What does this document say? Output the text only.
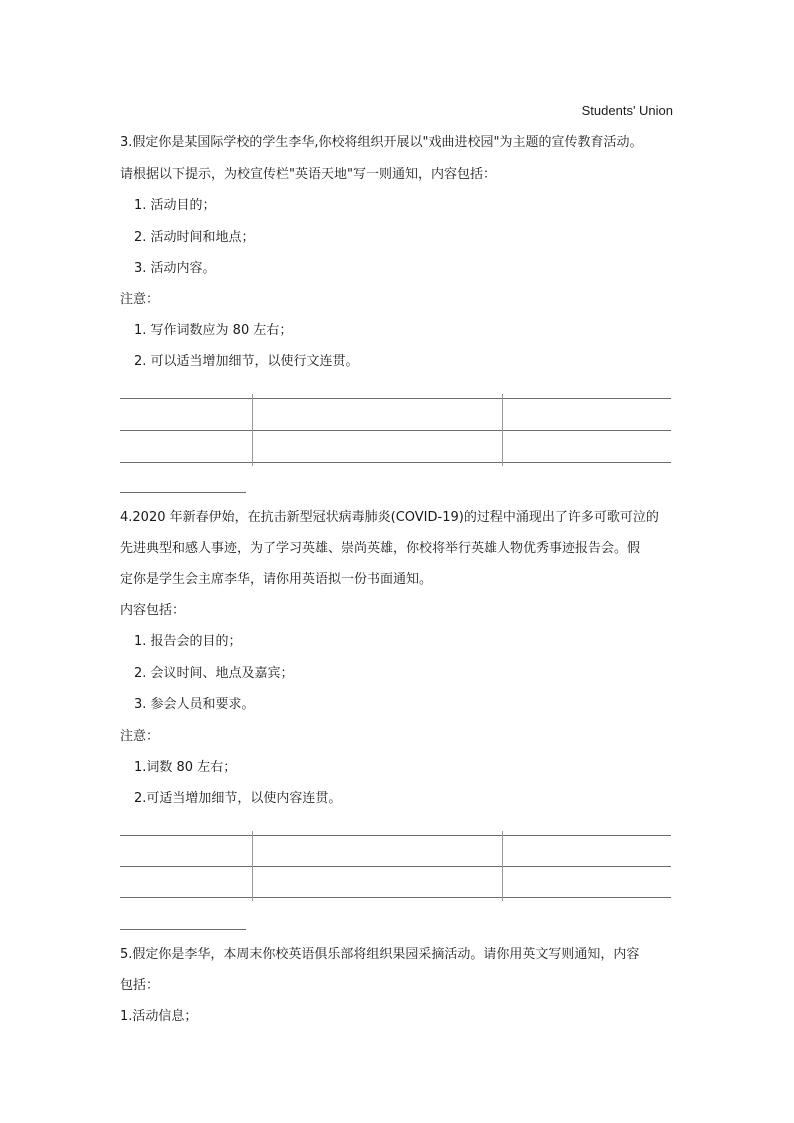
Students' Union
3.假定你是某国际学校的学生李华,你校将组织开展以"戏曲进校园"为主题的宣传教育活动。
请根据以下提示，为校宣传栏"英语天地"写一则通知，内容包括：
1. 活动目的；
2. 活动时间和地点；
3. 活动内容。
注意：
1. 写作词数应为 80 左右；
2. 可以适当增加细节，以使行文连贯。
4.2020 年新春伊始，在抗击新型冠状病毒肺炎(COVID-19)的过程中涌现出了许多可歌可泣的
先进典型和感人事迹，为了学习英雄、崇尚英雄，你校将举行英雄人物优秀事迹报告会。假
定你是学生会主席李华，请你用英语拟一份书面通知。
内容包括：
1. 报告会的目的；
2. 会议时间、地点及嘉宾；
3. 参会人员和要求。
注意：
1.词数 80 左右；
2.可适当增加细节，以使内容连贯。
5.假定你是李华，本周末你校英语俱乐部将组织果园采摘活动。请你用英文写则通知，内容
包括：
1.活动信息；
